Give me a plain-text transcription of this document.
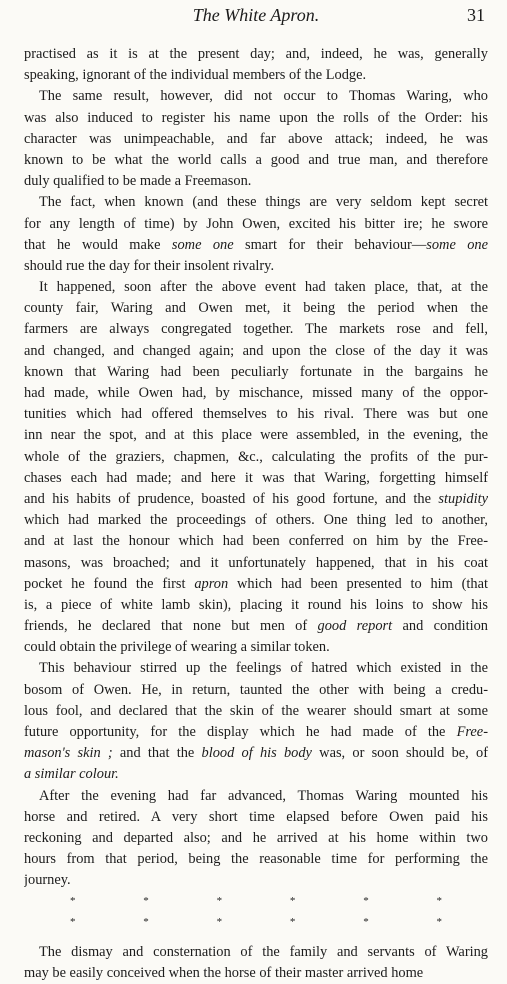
The White Apron.	31
practised as it is at the present day; and, indeed, he was, generally
speaking, ignorant of the individual members of the Lodge.
The same result, however, did not occur to Thomas Waring, who
was also induced to register his name upon the rolls of the Order: his
character was unimpeachable, and far above attack; indeed, he was
known to be what the world calls a good and true man, and therefore
duly qualified to be made a Freemason.
The fact, when known (and these things are very seldom kept secret
for any length of time) by John Owen, excited his bitter ire; he swore
that he would make some one smart for their behaviour—some one
should rue the day for their insolent rivalry.
It happened, soon after the above event had taken place, that, at the
county fair, Waring and Owen met, it being the period when the
farmers are always congregated together. The markets rose and fell,
and changed, and changed again; and upon the close of the day it was
known that Waring had been peculiarly fortunate in the bargains he
had made, while Owen had, by mischance, missed many of the oppor-
tunities which had offered themselves to his rival. There was but one
inn near the spot, and at this place were assembled, in the evening, the
whole of the graziers, chapmen, &c., calculating the profits of the pur-
chases each had made; and here it was that Waring, forgetting himself
and his habits of prudence, boasted of his good fortune, and the stupidity
which had marked the proceedings of others. One thing led to another,
and at last the honour which had been conferred on him by the Free-
masons, was broached; and it unfortunately happened, that in his coat
pocket he found the first apron which had been presented to him (that
is, a piece of white lamb skin), placing it round his loins to show his
friends, he declared that none but men of good report and condition
could obtain the privilege of wearing a similar token.
This behaviour stirred up the feelings of hatred which existed in the
bosom of Owen. He, in return, taunted the other with being a credu-
lous fool, and declared that the skin of the wearer should smart at some
future opportunity, for the display which he had made of the Free-
mason's skin ; and that the blood of his body was, or soon should be, of
a similar colour.
After the evening had far advanced, Thomas Waring mounted his
horse and retired. A very short time elapsed before Owen paid his
reckoning and departed also; and he arrived at his home within two
hours from that period, being the reasonable time for performing the
journey.
*	*	*	*	*	*
*	*	*	*	*	*
The dismay and consternation of the family and servants of Waring
may be easily conceived when the horse of their master arrived home
